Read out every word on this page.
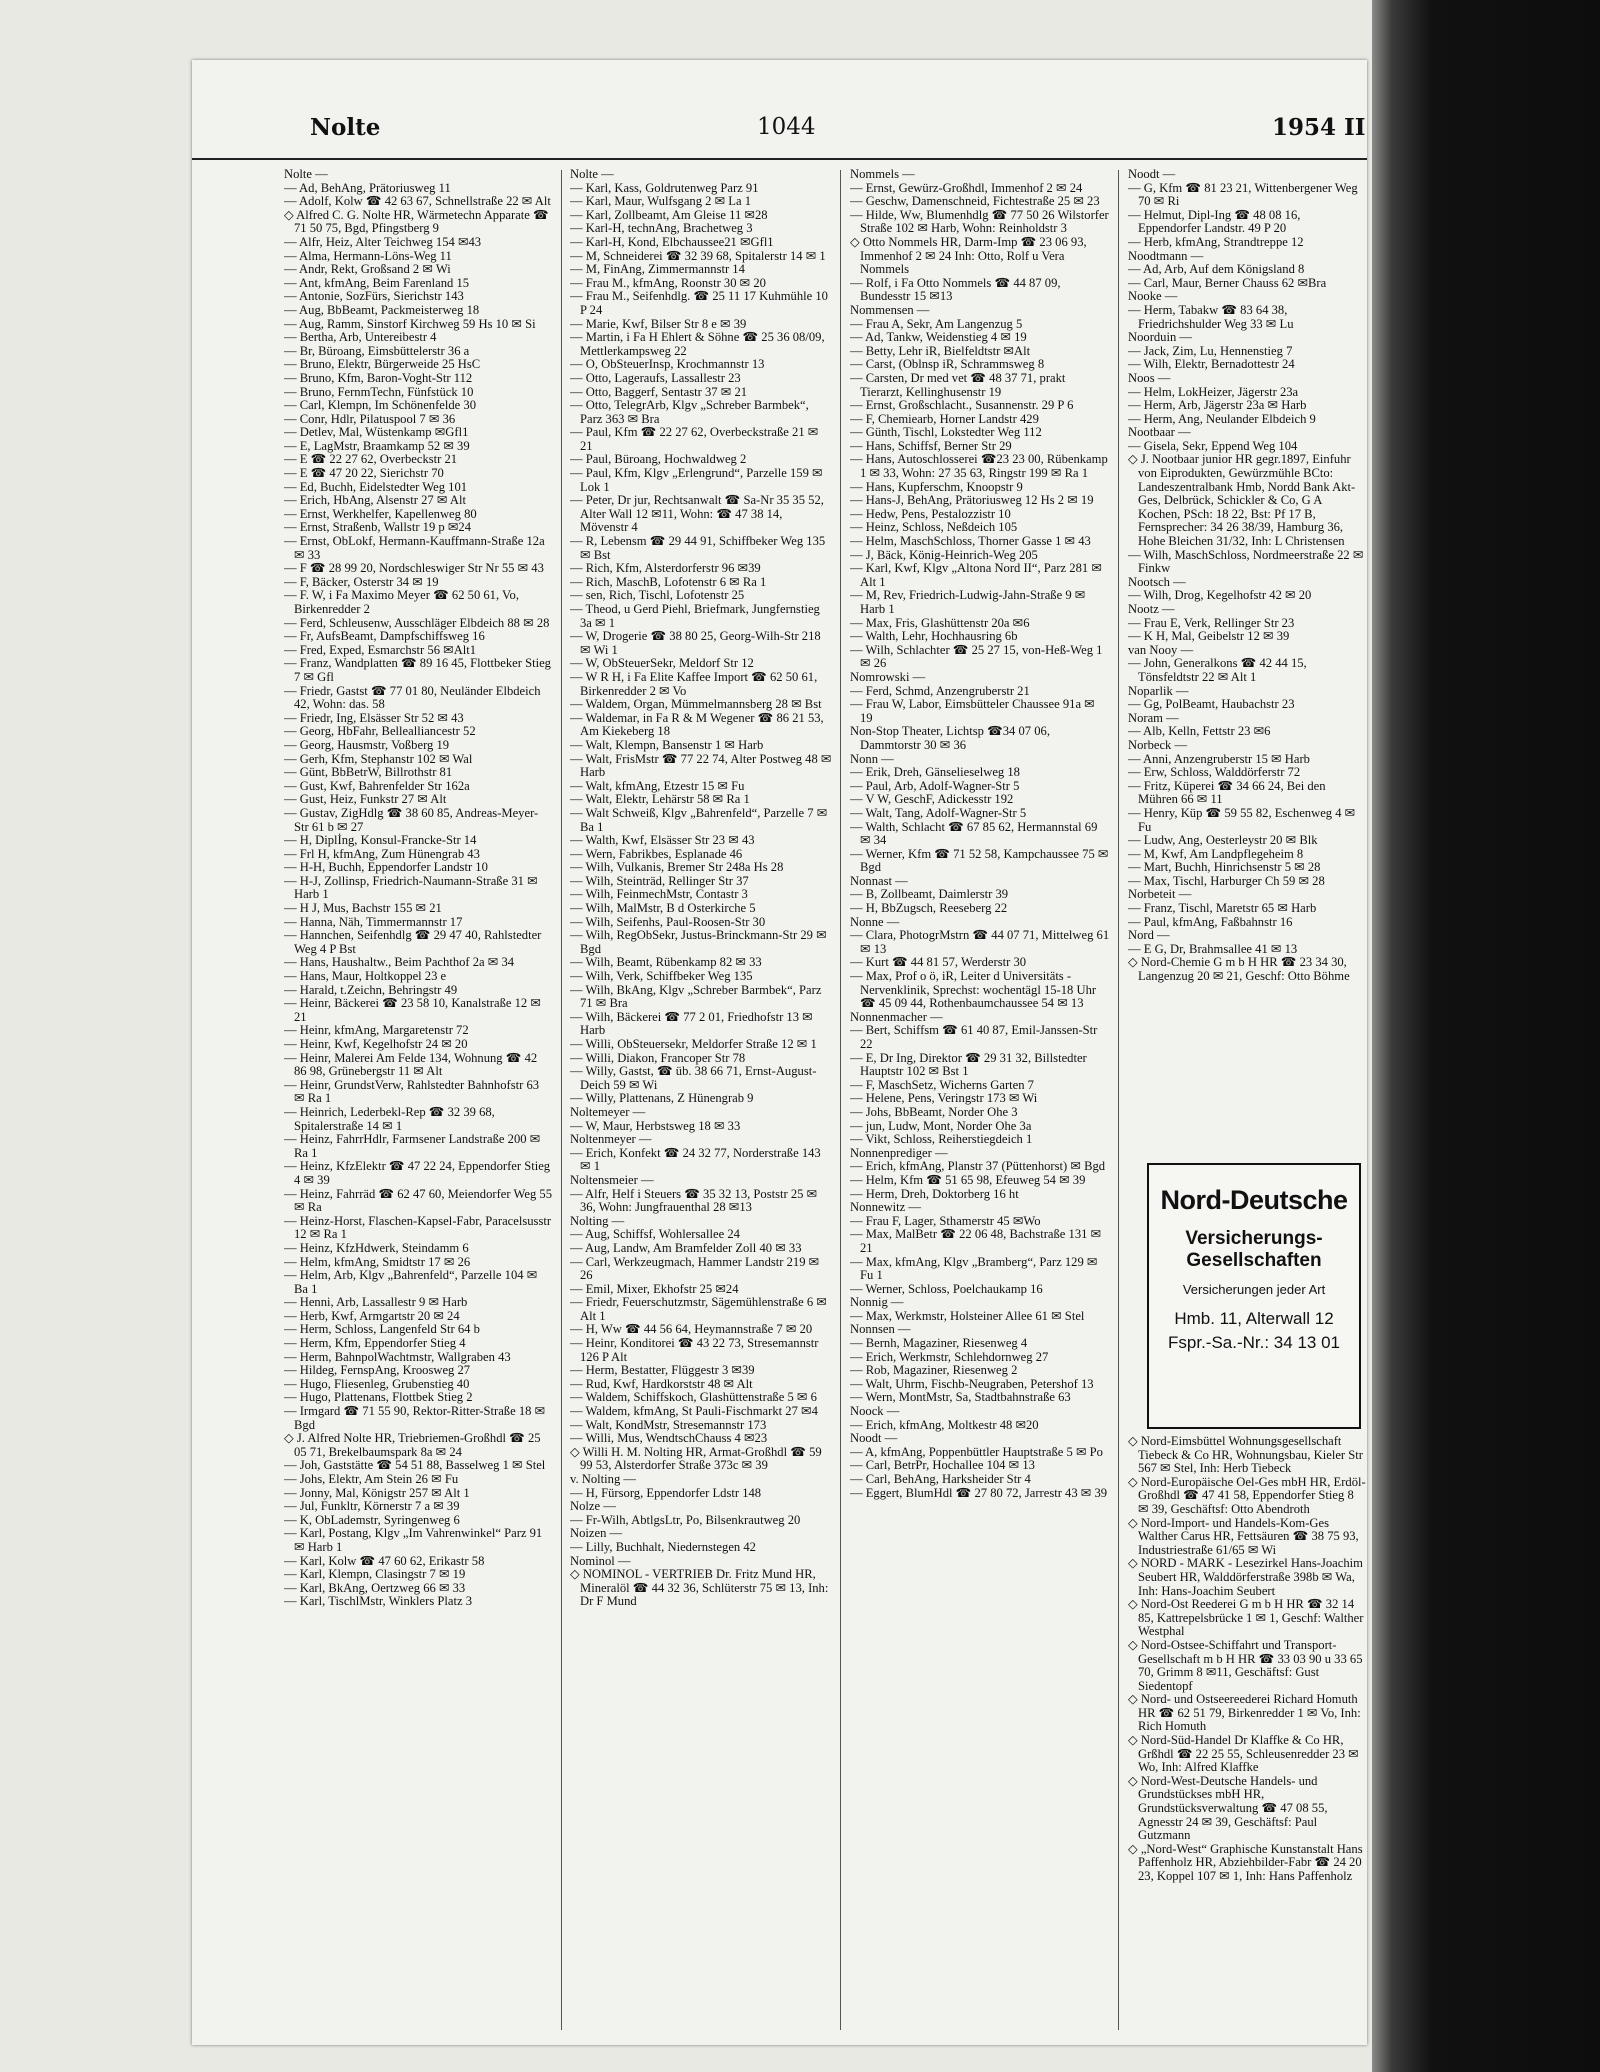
Nolte	1044	1954 II
Nolte —
— Ad, BehAng, Prätoriusweg 11
— Adolf, Kolw ☎ 42 63 67, Schnellstraße 22 ✉ Alt
◇ Alfred C. G. Nolte HR, Wärmetechn Apparate ☎ 71 50 75, Bgd, Pfingstberg 9
— Alfr, Heiz, Alter Teichweg 154 ✉43
— Alma, Hermann-Löns-Weg 11
— Andr, Rekt, Großsand 2 ✉ Wi
— Ant, kfmAng, Beim Farenland 15
— Antonie, SozFürs, Sierichstr 143
— Aug, BbBeamt, Packmeisterweg 18
— Aug, Ramm, Sinstorf Kirchweg 59 Hs 10 ✉ Si
— Bertha, Arb, Untereibestr 4
— Br, Büroang, Eimsbüttelerstr 36 a
— Bruno, Elektr, Bürgerweide 25 HsC
— Bruno, Kfm, Baron-Voght-Str 112
— Bruno, FernmTechn, Fünfstück 10
— Carl, Klempn, Im Schönenfelde 30
— Conr, Hdlr, Pilatuspool 7 ✉ 36
— Detlev, Mal, Wüstenkamp ✉Gfl1
— E, LagMstr, Braamkamp 52 ✉ 39
— E ☎ 22 27 62, Overbeckstr 21
— E ☎ 47 20 22, Sierichstr 70
— Ed, Buchh, Eidelstedter Weg 101
— Erich, HbAng, Alsenstr 27 ✉ Alt
— Ernst, Werkhelfer, Kapellenweg 80
— Ernst, Straßenb, Wallstr 19 p ✉24
— Ernst, ObLokf, Hermann-Kauffmann-Straße 12a ✉ 33
— F ☎ 28 99 20, Nordschleswiger Str Nr 55 ✉ 43
— F, Bäcker, Osterstr 34 ✉ 19
— F. W, i Fa Maximo Meyer ☎ 62 50 61, Vo, Birkenredder 2
— Ferd, Schleusenw, Ausschläger Elbdeich 88 ✉ 28
— Fr, AufsBeamt, Dampfschiffsweg 16
— Fred, Exped, Esmarchstr 56 ✉Alt1
— Franz, Wandplatten ☎ 89 16 45, Flottbeker Stieg 7 ✉ Gfl
— Friedr, Gastst ☎ 77 01 80, Neuländer Elbdeich 42, Wohn: das. 58
— Friedr, Ing, Elsässer Str 52 ✉ 43
— Georg, HbFahr, Belleallianсestr 52
— Georg, Hausmstr, Voßberg 19
— Gerh, Kfm, Stephanstr 102 ✉ Wal
— Günt, BbBetrW, Billrothstr 81
— Gust, Kwf, Bahrenfelder Str 162a
— Gust, Heiz, Funkstr 27 ✉ Alt
— Gustav, ZigHdlg ☎ 38 60 85, Andreas-Meyer-Str 61 b ✉ 27
— H, Diplİng, Konsul-Francke-Str 14
— Frl H, kfmAng, Zum Hünengrab 43
— H-H, Buchh, Eppendorfer Landstr 10
— H-J, Zollinsp, Friedrich-Naumann-Straße 31 ✉ Harb 1
— H J, Mus, Bachstr 155 ✉ 21
— Hanna, Näh, Timmermannstr 17
— Hannchen, Seifenhdlg ☎ 29 47 40, Rahlstedter Weg 4 P Bst
— Hans, Haushaltw., Beim Pachthof 2a ✉ 34
— Hans, Maur, Holtkoppel 23 e
— Harald, t.Zeichn, Behringstr 49
— Heinr, Bäckerei ☎ 23 58 10, Kanalstraße 12 ✉ 21
— Heinr, kfmAng, Margaretenstr 72
— Heinr, Kwf, Kegelhofstr 24 ✉ 20
— Heinr, Malerei Am Felde 134, Wohnung ☎ 42 86 98, Grünebergstr 11 ✉ Alt
— Heinr, GrundstVerw, Rahlstedter Bahnhofstr 63 ✉ Ra 1
— Heinrich, Lederbekl-Rep ☎ 32 39 68, Spitalerstraße 14 ✉ 1
— Heinz, FahrrHdlr, Farmsener Landstraße 200 ✉ Ra 1
— Heinz, KfzElektr ☎ 47 22 24, Eppendorfer Stieg 4 ✉ 39
— Heinz, Fahrräd ☎ 62 47 60, Meiendorfer Weg 55 ✉ Ra
— Heinz-Horst, Flaschen-Kapsel-Fabr, Paracelsusstr 12 ✉ Ra 1
— Heinz, KfzHdwerk, Steindamm 6
— Helm, kfmAng, Smidtstr 17 ✉ 26
— Helm, Arb, Klgv „Bahrenfeld“, Parzelle 104 ✉ Ba 1
— Henni, Arb, Lassallestr 9 ✉ Harb
— Herb, Kwf, Armgartstr 20 ✉ 24
— Herm, Schloss, Langenfeld Str 64 b
— Herm, Kfm, Eppendorfer Stieg 4
— Herm, BahnpolWachtmstr, Wallgraben 43
— Hildeg, FernspAng, Kroosweg 27
— Hugo, Fliesenleg, Grubenstieg 40
— Hugo, Plattenans, Flottbek Stieg 2
— Irmgard ☎ 71 55 90, Rektor-Ritter-Straße 18 ✉ Bgd
◇ J. Alfred Nolte HR, Triebriemen-Großhdl ☎ 25 05 71, Brekelbaumspark 8a ✉ 24
— Joh, Gaststätte ☎ 54 51 88, Basselweg 1 ✉ Stel
— Johs, Elektr, Am Stein 26 ✉ Fu
— Jonny, Mal, Königstr 257 ✉ Alt 1
— Jul, Funkltr, Körnerstr 7 a ✉ 39
— K, ObLademstr, Syringenweg 6
— Karl, Postang, Klgv „Im Vahrenwinkel“ Parz 91 ✉ Harb 1
— Karl, Kolw ☎ 47 60 62, Erikastr 58
— Karl, Klempn, Clasingstr 7 ✉ 19
— Karl, BkAng, Oertzweg 66 ✉ 33
— Karl, TischlMstr, Winklers Platz 3
Nolte —
— Karl, Kass, Goldrutenweg Parz 91
— Karl, Maur, Wulfsgang 2 ✉ La 1
— Karl, Zollbeamt, Am Gleise 11 ✉28
— Karl-H, technAng, Brachetweg 3
— Karl-H, Kond, Elbchaussee21 ✉Gfl1
— M, Schneiderei ☎ 32 39 68, Spitalerstr 14 ✉ 1
— M, FinAng, Zimmermannstr 14
— Frau M., kfmAng, Roonstr 30 ✉ 20
— Frau M., Seifenhdlg. ☎ 25 11 17 Kuhmühle 10 P 24
— Marie, Kwf, Bilser Str 8 e ✉ 39
— Martin, i Fa H Ehlert & Söhne ☎ 25 36 08/09, Mettlerkampsweg 22
— O, ObSteuerInsp, Krochmannstr 13
— Otto, Lageraufs, Lassallestr 23
— Otto, Baggerf, Sentastr 37 ✉ 21
— Otto, TelegrArb, Klgv „Schreber Barmbek“, Parz 363 ✉ Bra
— Paul, Kfm ☎ 22 27 62, Overbeckstraße 21 ✉ 21
— Paul, Büroang, Hochwaldweg 2
— Paul, Kfm, Klgv „Erlengrund“, Parzelle 159 ✉ Lok 1
— Peter, Dr jur, Rechtsanwalt ☎ Sa-Nr 35 35 52, Alter Wall 12 ✉11, Wohn: ☎ 47 38 14, Mövenstr 4
— R, Lebensm ☎ 29 44 91, Schiffbeker Weg 135 ✉ Bst
— Rich, Kfm, Alsterdorferstr 96 ✉39
— Rich, MaschB, Lofotenstr 6 ✉ Ra 1
— sen, Rich, Tischl, Lofotenstr 25
— Theod, u Gerd Piehl, Briefmark, Jungfernstieg 3a ✉ 1
— W, Drogerie ☎ 38 80 25, Georg-Wilh-Str 218 ✉ Wi 1
— W, ObSteuerSekr, Meldorf Str 12
— W R H, i Fa Elite Kaffee Import ☎ 62 50 61, Birkenredder 2 ✉ Vo
— Waldem, Organ, Mümmelmannsberg 28 ✉ Bst
— Waldemar, in Fa R & M Wegener ☎ 86 21 53, Am Kiekeberg 18
— Walt, Klempn, Bansenstr 1 ✉ Harb
— Walt, FrisMstr ☎ 77 22 74, Alter Postweg 48 ✉ Harb
— Walt, kfmAng, Etzestr 15 ✉ Fu
— Walt, Elektr, Lehärstr 58 ✉ Ra 1
— Walt Schweiß, Klgv „Bahrenfeld“, Parzelle 7 ✉ Ba 1
— Walth, Kwf, Elsässer Str 23 ✉ 43
— Wern, Fabrikbes, Esplanade 46
— Wilh, Vulkanis, Bremer Str 248a Hs 28
— Wilh, Steinträd, Rellinger Str 37
— Wilh, FeinmechMstr, Contastr 3
— Wilh, MalMstr, B d Osterkirche 5
— Wilh, Seifenhs, Paul-Roosen-Str 30
— Wilh, RegObSekr, Justus-Brinckmann-Str 29 ✉ Bgd
— Wilh, Beamt, Rübenkamp 82 ✉ 33
— Wilh, Verk, Schiffbeker Weg 135
— Wilh, BkAng, Klgv „Schreber Barmbek“, Parz 71 ✉ Bra
— Wilh, Bäckerei ☎ 77 2 01, Friedhofstr 13 ✉ Harb
— Willi, ObSteuersekr, Meldorfer Straße 12 ✉ 1
— Willi, Diakon, Francoper Str 78
— Willy, Gastst, ☎ üb. 38 66 71, Ernst-August-Deich 59 ✉ Wi
— Willy, Plattenans, Z Hünengrab 9
Noltemeyer —
— W, Maur, Herbstsweg 18 ✉ 33
Noltenmeyer —
— Erich, Konfekt ☎ 24 32 77, Norderstraße 143 ✉ 1
Noltensmeier —
— Alfr, Helf i Steuers ☎ 35 32 13, Poststr 25 ✉36, Wohn: Jungfrauenthal 28 ✉13
Nolting —
— Aug, Schiffsf, Wohlersallee 24
— Aug, Landw, Am Bramfelder Zoll 40 ✉ 33
— Carl, Werkzeugmach, Hammer Landstr 219 ✉ 26
— Emil, Mixer, Ekhofstr 25 ✉24
— Friedr, Feuerschutzmstr, Sägemühlenstraße 6 ✉ Alt 1
— H, Ww ☎ 44 56 64, Heymannstraße 7 ✉ 20
— Heinr, Konditorei ☎ 43 22 73, Stresemannstr 126 P Alt
— Herm, Bestatter, Flüggestr 3 ✉39
— Rud, Kwf, Hardkorststr 48 ✉ Alt
— Waldem, Schiffskoch, Glashüttenstraße 5 ✉ 6
— Waldem, kfmAng, St Pauli-Fischmarkt 27 ✉4
— Walt, KondMstr, Stresemannstr 173
— Willi, Mus, WendtschChauss 4 ✉23
◇ Willi H. M. Nolting HR, Armat-Großhdl ☎ 59 99 53, Alsterdorfer Straße 373c ✉ 39
v. Nolting —
— H, Fürsorg, Eppendorfer Ldstr 148
Nolze —
— Fr-Wilh, AbtlgsLtr, Po, Bilsenkrautweg 20
Noizen —
— Lilly, Buchhalt, Niedernstegen 42
Nominol —
◇ NOMINOL - VERTRIEB Dr. Fritz Mund HR, Mineralöl ☎ 44 32 36, Schlüterstr 75 ✉ 13, Inh: Dr F Mund
Nommels —
— Ernst, Gewürz-Großhdl, Immenhof 2 ✉ 24
— Geschw, Damenschneid, Fichtestraße 25 ✉ 23
— Hilde, Ww, Blumenhdlg ☎ 77 50 26 Wilstorfer Straße 102 ✉ Harb, Wohn: Reinholdstr 3
◇ Otto Nommels HR, Darm-Imp ☎ 23 06 93, Immenhof 2 ✉ 24 Inh: Otto, Rolf u Vera Nommels
— Rolf, i Fa Otto Nommels ☎ 44 87 09, Bundesstr 15 ✉13
Nommensen —
— Frau A, Sekr, Am Langenzug 5
— Ad, Tankw, Weidenstieg 4 ✉ 19
— Betty, Lehr iR, Bielfeldtstr ✉Alt
— Carst, (Oblnsp iR, Schrammsweg 8
— Carsten, Dr med vet ☎ 48 37 71, prakt Tierarzt, Kellinghusenstr 19
— Ernst, Großschlacht., Susannenstr. 29 P 6
— F, Chemiearb, Horner Landstr 429
— Günth, Tischl, Lokstedter Weg 112
— Hans, Schiffsf, Berner Str 29
— Hans, Autoschlosserei ☎23 23 00, Rübenkamp 1 ✉ 33, Wohn: 27 35 63, Ringstr 199 ✉ Ra 1
— Hans, Kupferschm, Knoopstr 9
— Hans-J, BehAng, Prätoriusweg 12 Hs 2 ✉ 19
— Hedw, Pens, Pestalozzistr 10
— Heinz, Schloss, Neßdeich 105
— Helm, MaschSchloss, Thorner Gasse 1 ✉ 43
— J, Bäck, König-Heinrich-Weg 205
— Karl, Kwf, Klgv „Altona Nord II“, Parz 281 ✉ Alt 1
— M, Rev, Friedrich-Ludwig-Jahn-Straße 9 ✉ Harb 1
— Max, Fris, Glashüttenstr 20a ✉6
— Walth, Lehr, Hochhausring 6b
— Wilh, Schlachter ☎ 25 27 15, von-Heß-Weg 1 ✉ 26
Nomrowski —
— Ferd, Schmd, Anzengruberstr 21
— Frau W, Labor, Eimsbütteler Chaussee 91a ✉ 19
Non-Stop Theater, Lichtsp ☎34 07 06, Dammtorstr 30 ✉ 36
Nonn —
— Erik, Dreh, Gänselieselweg 18
— Paul, Arb, Adolf-Wagner-Str 5
— V W, GeschF, Adickesstr 192
— Walt, Tang, Adolf-Wagner-Str 5
— Walth, Schlacht ☎ 67 85 62, Hermannstal 69 ✉ 34
— Werner, Kfm ☎ 71 52 58, Kampchaussee 75 ✉ Bgd
Nonnast —
— B, Zollbeamt, Daimlerstr 39
— H, BbZugsch, Reeseberg 22
Nonne —
— Clara, PhotogrMstrn ☎ 44 07 71, Mittelweg 61 ✉ 13
— Kurt ☎ 44 81 57, Werderstr 30
— Max, Prof o ö, iR, Leiter d Universitäts - Nervenklinik, Sprechst: wochentägl 15-18 Uhr ☎ 45 09 44, Rothenbaumchaussee 54 ✉ 13
Nonnenmacher —
— Bert, Schiffsm ☎ 61 40 87, Emil-Janssen-Str 22
— E, Dr Ing, Direktor ☎ 29 31 32, Billstedter Hauptstr 102 ✉ Bst 1
— F, MaschSetz, Wicherns Garten 7
— Helene, Pens, Veringstr 173 ✉ Wi
— Johs, BbBeamt, Norder Ohe 3
— jun, Ludw, Mont, Norder Ohe 3a
— Vikt, Schloss, Reiherstiegdeich 1
Nonnenprediger —
— Erich, kfmAng, Planstr 37 (Püttenhorst) ✉ Bgd
— Helm, Kfm ☎ 51 65 98, Efeuweg 54 ✉ 39
— Herm, Dreh, Doktorberg 16 ht
Nonnewitz —
— Frau F, Lager, Sthamerstr 45 ✉Wo
— Max, MalBetr ☎ 22 06 48, Bachstraße 131 ✉ 21
— Max, kfmAng, Klgv „Bramberg“, Parz 129 ✉ Fu 1
— Werner, Schloss, Poelchaukamp 16
Nonnig —
— Max, Werkmstr, Holsteiner Allee 61 ✉ Stel
Nonnsen —
— Bernh, Magaziner, Riesenweg 4
— Erich, Werkmstr, Schlehdornweg 27
— Rob, Magaziner, Riesenweg 2
— Walt, Uhrm, Fischb-Neugraben, Petershof 13
— Wern, MontMstr, Sa, Stadtbahnstraße 63
Noock —
— Erich, kfmAng, Moltkestr 48 ✉20
Noodt —
— A, kfmAng, Poppenbüttler Hauptstraße 5 ✉ Po
— Carl, BetrPr, Hochallee 104 ✉ 13
— Carl, BehAng, Harksheider Str 4
— Eggert, BlumHdl ☎ 27 80 72, Jarrestr 43 ✉ 39
Noodt —
— G, Kfm ☎ 81 23 21, Wittenbergener Weg 70 ✉ Ri
— Helmut, Dipl-Ing ☎ 48 08 16, Eppendorfer Landstr. 49 P 20
— Herb, kfmAng, Strandtreppe 12
Noodtmann —
— Ad, Arb, Auf dem Königsland 8
— Carl, Maur, Berner Chauss 62 ✉Bra
Nooke —
— Herm, Tabakw ☎ 83 64 38, Friedrichshulder Weg 33 ✉ Lu
Noorduin —
— Jack, Zim, Lu, Hennenstieg 7
— Wilh, Elektr, Bernadottestr 24
Noos —
— Helm, LokHeizer, Jägerstr 23a
— Herm, Arb, Jägerstr 23a ✉ Harb
— Herm, Ang, Neulander Elbdeich 9
Nootbaar —
— Gisela, Sekr, Eppend Weg 104
◇ J. Nootbaar junior HR gegr.1897, Einfuhr von Eiprodukten, Gewürzmühle BCto: Landeszentralbank Hmb, Nordd Bank Akt-Ges, Delbrück, Schickler & Co, G A Kochen, PSch: 18 22, Bst: Pf 17 B, Fernsprecher: 34 26 38/39, Hamburg 36, Hohe Bleichen 31/32, Inh: L Christensen
— Wilh, MaschSchloss, Nordmeerstraße 22 ✉ Finkw
Nootsch —
— Wilh, Drog, Kegelhofstr 42 ✉ 20
Nootz —
— Frau E, Verk, Rellinger Str 23
— K H, Mal, Geibelstr 12 ✉ 39
van Nooy —
— John, Generalkons ☎ 42 44 15, Tönsfeldtstr 22 ✉ Alt 1
Noparlik —
— Gg, PolBeamt, Haubachstr 23
Noram —
— Alb, Kelln, Fettstr 23 ✉6
Norbeck —
— Anni, Anzengruberstr 15 ✉ Harb
— Erw, Schloss, Walddörferstr 72
— Fritz, Küperei ☎ 34 66 24, Bei den Mühren 66 ✉ 11
— Henry, Küp ☎ 59 55 82, Eschenweg 4 ✉ Fu
— Ludw, Ang, Oesterleystr 20 ✉ Blk
— M, Kwf, Am Landpflegeheim 8
— Mart, Buchh, Hinrichsenstr 5 ✉ 28
— Max, Tischl, Harburger Ch 59 ✉ 28
Norbeteit —
— Franz, Tischl, Maretstr 65 ✉ Harb
— Paul, kfmAng, Faßbahnstr 16
Nord —
— E G, Dr, Brahmsallee 41 ✉ 13
◇ Nord-Chemie G m b H HR ☎ 23 34 30, Langenzug 20 ✉ 21, Geschf: Otto Böhme
Nord-Deutsche
Versicherungs-
Gesellschaften
Versicherungen jeder Art
Hmb. 11, Alterwall 12
Fspr.-Sa.-Nr.: 34 13 01
◇ Nord-Eimsbüttel Wohnungsgesellschaft Tiebeck & Co HR, Wohnungsbau, Kieler Str 567 ✉ Stel, Inh: Herb Tiebeck
◇ Nord-Europäische Oel-Ges mbH HR, Erdöl-Großhdl ☎ 47 41 58, Eppendorfer Stieg 8 ✉ 39, Geschäftsf: Otto Abendroth
◇ Nord-Import- und Handels-Kom-Ges Walther Carus HR, Fettsäuren ☎ 38 75 93, Industriestraße 61/65 ✉ Wi
◇ NORD - MARK - Lesezirkel Hans-Joachim Seubert HR, Walddörferstraße 398b ✉ Wa, Inh: Hans-Joachim Seubert
◇ Nord-Ost Reederei G m b H HR ☎ 32 14 85, Kattrepelsbrücke 1 ✉ 1, Geschf: Walther Westphal
◇ Nord-Ostsee-Schiffahrt und Transport-Gesellschaft m b H HR ☎ 33 03 90 u 33 65 70, Grimm 8 ✉11, Geschäftsf: Gust Siedentopf
◇ Nord- und Ostseereederei Richard Homuth HR ☎ 62 51 79, Birkenredder 1 ✉ Vo, Inh: Rich Homuth
◇ Nord-Süd-Handel Dr Klaffke & Co HR, Grßhdl ☎ 22 25 55, Schleusenredder 23 ✉ Wo, Inh: Alfred Klaffke
◇ Nord-West-Deutsche Handels- und Grundstückses mbH HR, Grundstücksverwaltung ☎ 47 08 55, Agnesstr 24 ✉ 39, Geschäftsf: Paul Gutzmann
◇ „Nord-West“ Graphische Kunstanstalt Hans Paffenholz HR, Abziehbilder-Fabr ☎ 24 20 23, Koppel 107 ✉ 1, Inh: Hans Paffenholz
